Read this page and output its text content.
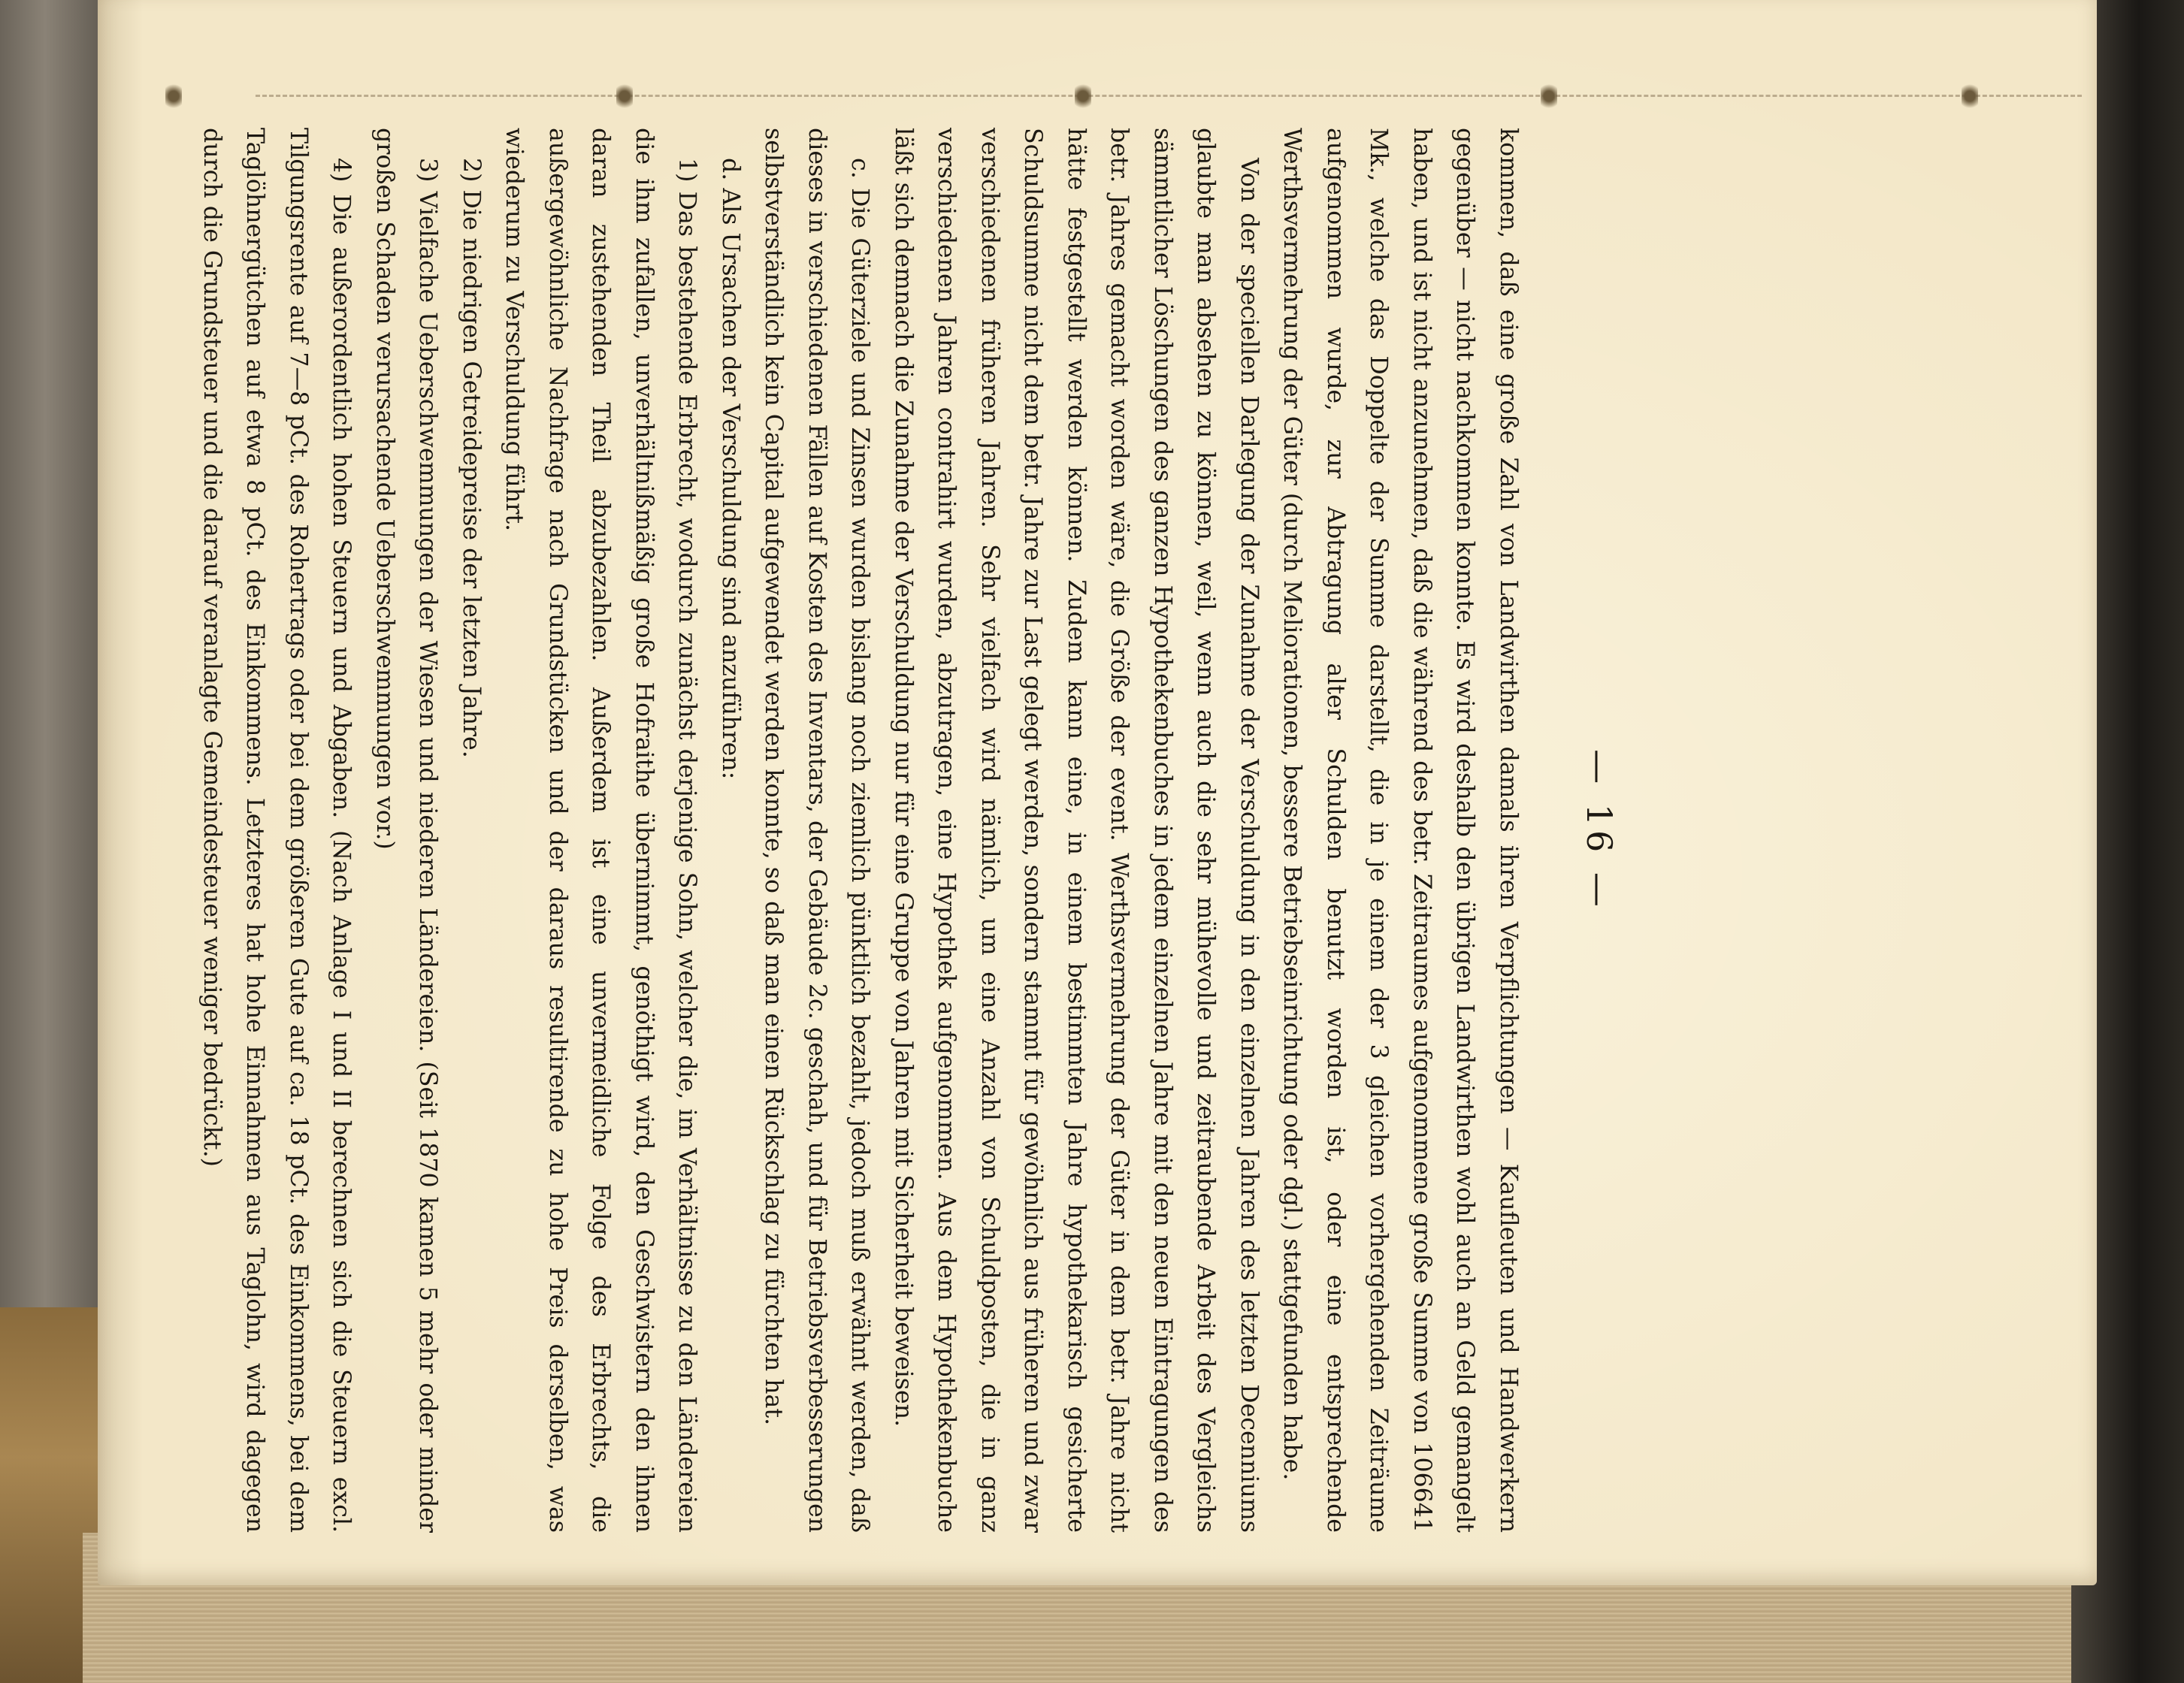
— 16 —

kommen, daß eine große Zahl von Landwirthen damals ihren Verpflichtungen — Kaufleuten und Handwerkern gegenüber — nicht nachkommen konnte. Es wird deshalb den übrigen Landwirthen wohl auch an Geld gemangelt haben, und ist nicht anzunehmen, daß die während des betr. Zeitraumes aufgenommene große Summe von 106641 Mk., welche das Doppelte der Summe darstellt, die in je einem der 3 gleichen vorhergehenden Zeiträume aufgenommen wurde, zur Abtragung alter Schulden benutzt worden ist, oder eine entsprechende Werthsvermehrung der Güter (durch Meliorationen, bessere Betriebseinrichtung oder dgl.) stattgefunden habe.

Von der speciellen Darlegung der Zunahme der Verschuldung in den einzelnen Jahren des letzten Decenniums glaubte man absehen zu können, weil, wenn auch die sehr mühevolle und zeitraubende Arbeit des Vergleichs sämmtlicher Löschungen des ganzen Hypothekenbuches in jedem einzelnen Jahre mit den neuen Eintragungen des betr. Jahres gemacht worden wäre, die Größe der event. Werthsvermehrung der Güter in dem betr. Jahre nicht hätte festgestellt werden können. Zudem kann eine, in einem bestimmten Jahre hypothekarisch gesicherte Schuldsumme nicht dem betr. Jahre zur Last gelegt werden, sondern stammt für gewöhnlich aus früheren und zwar verschiedenen früheren Jahren. Sehr vielfach wird nämlich, um eine Anzahl von Schuldposten, die in ganz verschiedenen Jahren contrahirt wurden, abzutragen, eine Hypothek aufgenommen. Aus dem Hypothekenbuche läßt sich demnach die Zunahme der Verschuldung nur für eine Gruppe von Jahren mit Sicherheit beweisen.

c. Die Güterziele und Zinsen wurden bislang noch ziemlich pünktlich bezahlt, jedoch muß erwähnt werden, daß dieses in verschiedenen Fällen auf Kosten des Inventars, der Gebäude 2c. geschah, und für Betriebsverbesserungen selbstverständlich kein Capital aufgewendet werden konnte, so daß man einen Rückschlag zu fürchten hat.

d. Als Ursachen der Verschuldung sind anzuführen:

1) Das bestehende Erbrecht, wodurch zunächst derjenige Sohn, welcher die, im Verhältnisse zu den Ländereien die ihm zufallen, unverhältnißmäßig große Hofraithe übernimmt, genöthigt wird, den Geschwistern den ihnen daran zustehenden Theil abzubezahlen. Außerdem ist eine unvermeidliche Folge des Erbrechts, die außergewöhnliche Nachfrage nach Grundstücken und der daraus resultirende zu hohe Preis derselben, was wiederum zu Verschuldung führt.

2) Die niedrigen Getreidepreise der letzten Jahre.

3) Vielfache Ueberschwemmungen der Wiesen und niederen Ländereien. (Seit 1870 kamen 5 mehr oder minder großen Schaden verursachende Ueberschwemmungen vor.)

4) Die außerordentlich hohen Steuern und Abgaben. (Nach Anlage I und II berechnen sich die Steuern excl. Tilgungsrente auf 7—8 pCt. des Rohertrags oder bei dem größeren Gute auf ca. 18 pCt. des Einkommens, bei dem Taglöhnergütchen auf etwa 8 pCt. des Einkommens. Letzteres hat hohe Einnahmen aus Taglohn, wird dagegen durch die Grundsteuer und die darauf veranlagte Gemeindesteuer weniger bedrückt.)
